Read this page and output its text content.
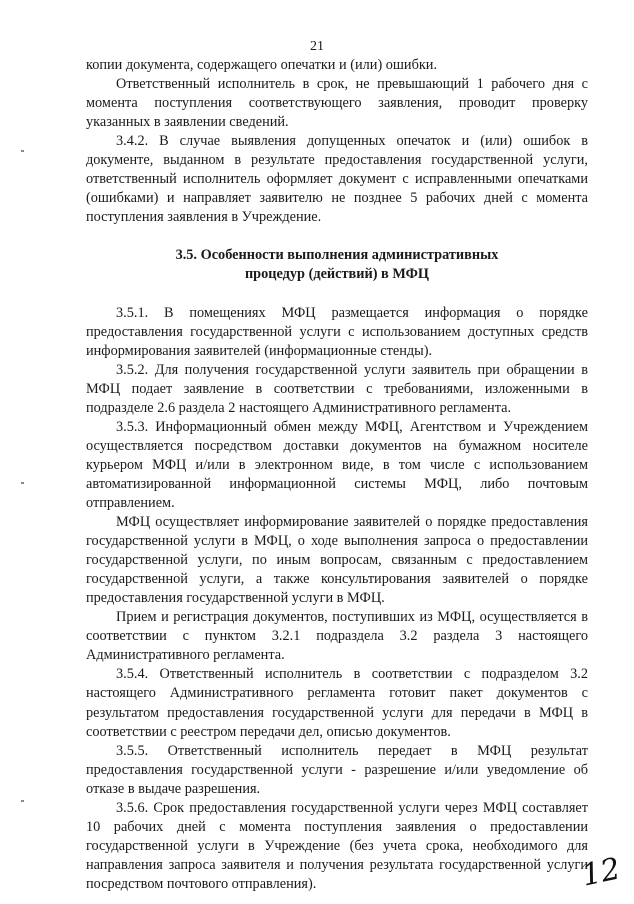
21

копии документа, содержащего опечатки и (или) ошибки.

Ответственный исполнитель в срок, не превышающий 1 рабочего дня с момента поступления соответствующего заявления, проводит проверку указанных в заявлении сведений.

3.4.2. В случае выявления допущенных опечаток и (или) ошибок в документе, выданном в результате предоставления государственной услуги, ответственный исполнитель оформляет документ с исправленными опечатками (ошибками) и направляет заявителю не позднее 5 рабочих дней с момента поступления заявления в Учреждение.

3.5. Особенности выполнения административных
процедур (действий) в МФЦ

3.5.1. В помещениях МФЦ размещается информация о порядке предоставления государственной услуги с использованием доступных средств информирования заявителей (информационные стенды).

3.5.2. Для получения государственной услуги заявитель при обращении в МФЦ подает заявление в соответствии с требованиями, изложенными в подразделе 2.6 раздела 2 настоящего Административного регламента.

3.5.3. Информационный обмен между МФЦ, Агентством и Учреждением осуществляется посредством доставки документов на бумажном носителе курьером МФЦ и/или в электронном виде, в том числе с использованием автоматизированной информационной системы МФЦ, либо почтовым отправлением.

МФЦ осуществляет информирование заявителей о порядке предоставления государственной услуги в МФЦ, о ходе выполнения запроса о предоставлении государственной услуги, по иным вопросам, связанным с предоставлением государственной услуги, а также консультирования заявителей о порядке предоставления государственной услуги в МФЦ.

Прием и регистрация документов, поступивших из МФЦ, осуществляется в соответствии с пунктом 3.2.1 подраздела 3.2 раздела 3 настоящего Административного регламента.

3.5.4. Ответственный исполнитель в соответствии с подразделом 3.2 настоящего Административного регламента готовит пакет документов с результатом предоставления государственной услуги для передачи в МФЦ в соответствии с реестром передачи дел, описью документов.

3.5.5. Ответственный исполнитель передает в МФЦ результат предоставления государственной услуги - разрешение и/или уведомление об отказе в выдаче разрешения.

3.5.6. Срок предоставления государственной услуги через МФЦ составляет 10 рабочих дней с момента поступления заявления о предоставлении государственной услуги в Учреждение (без учета срока, необходимого для направления запроса заявителя и получения результата государственной услуги посредством почтового отправления).	12
